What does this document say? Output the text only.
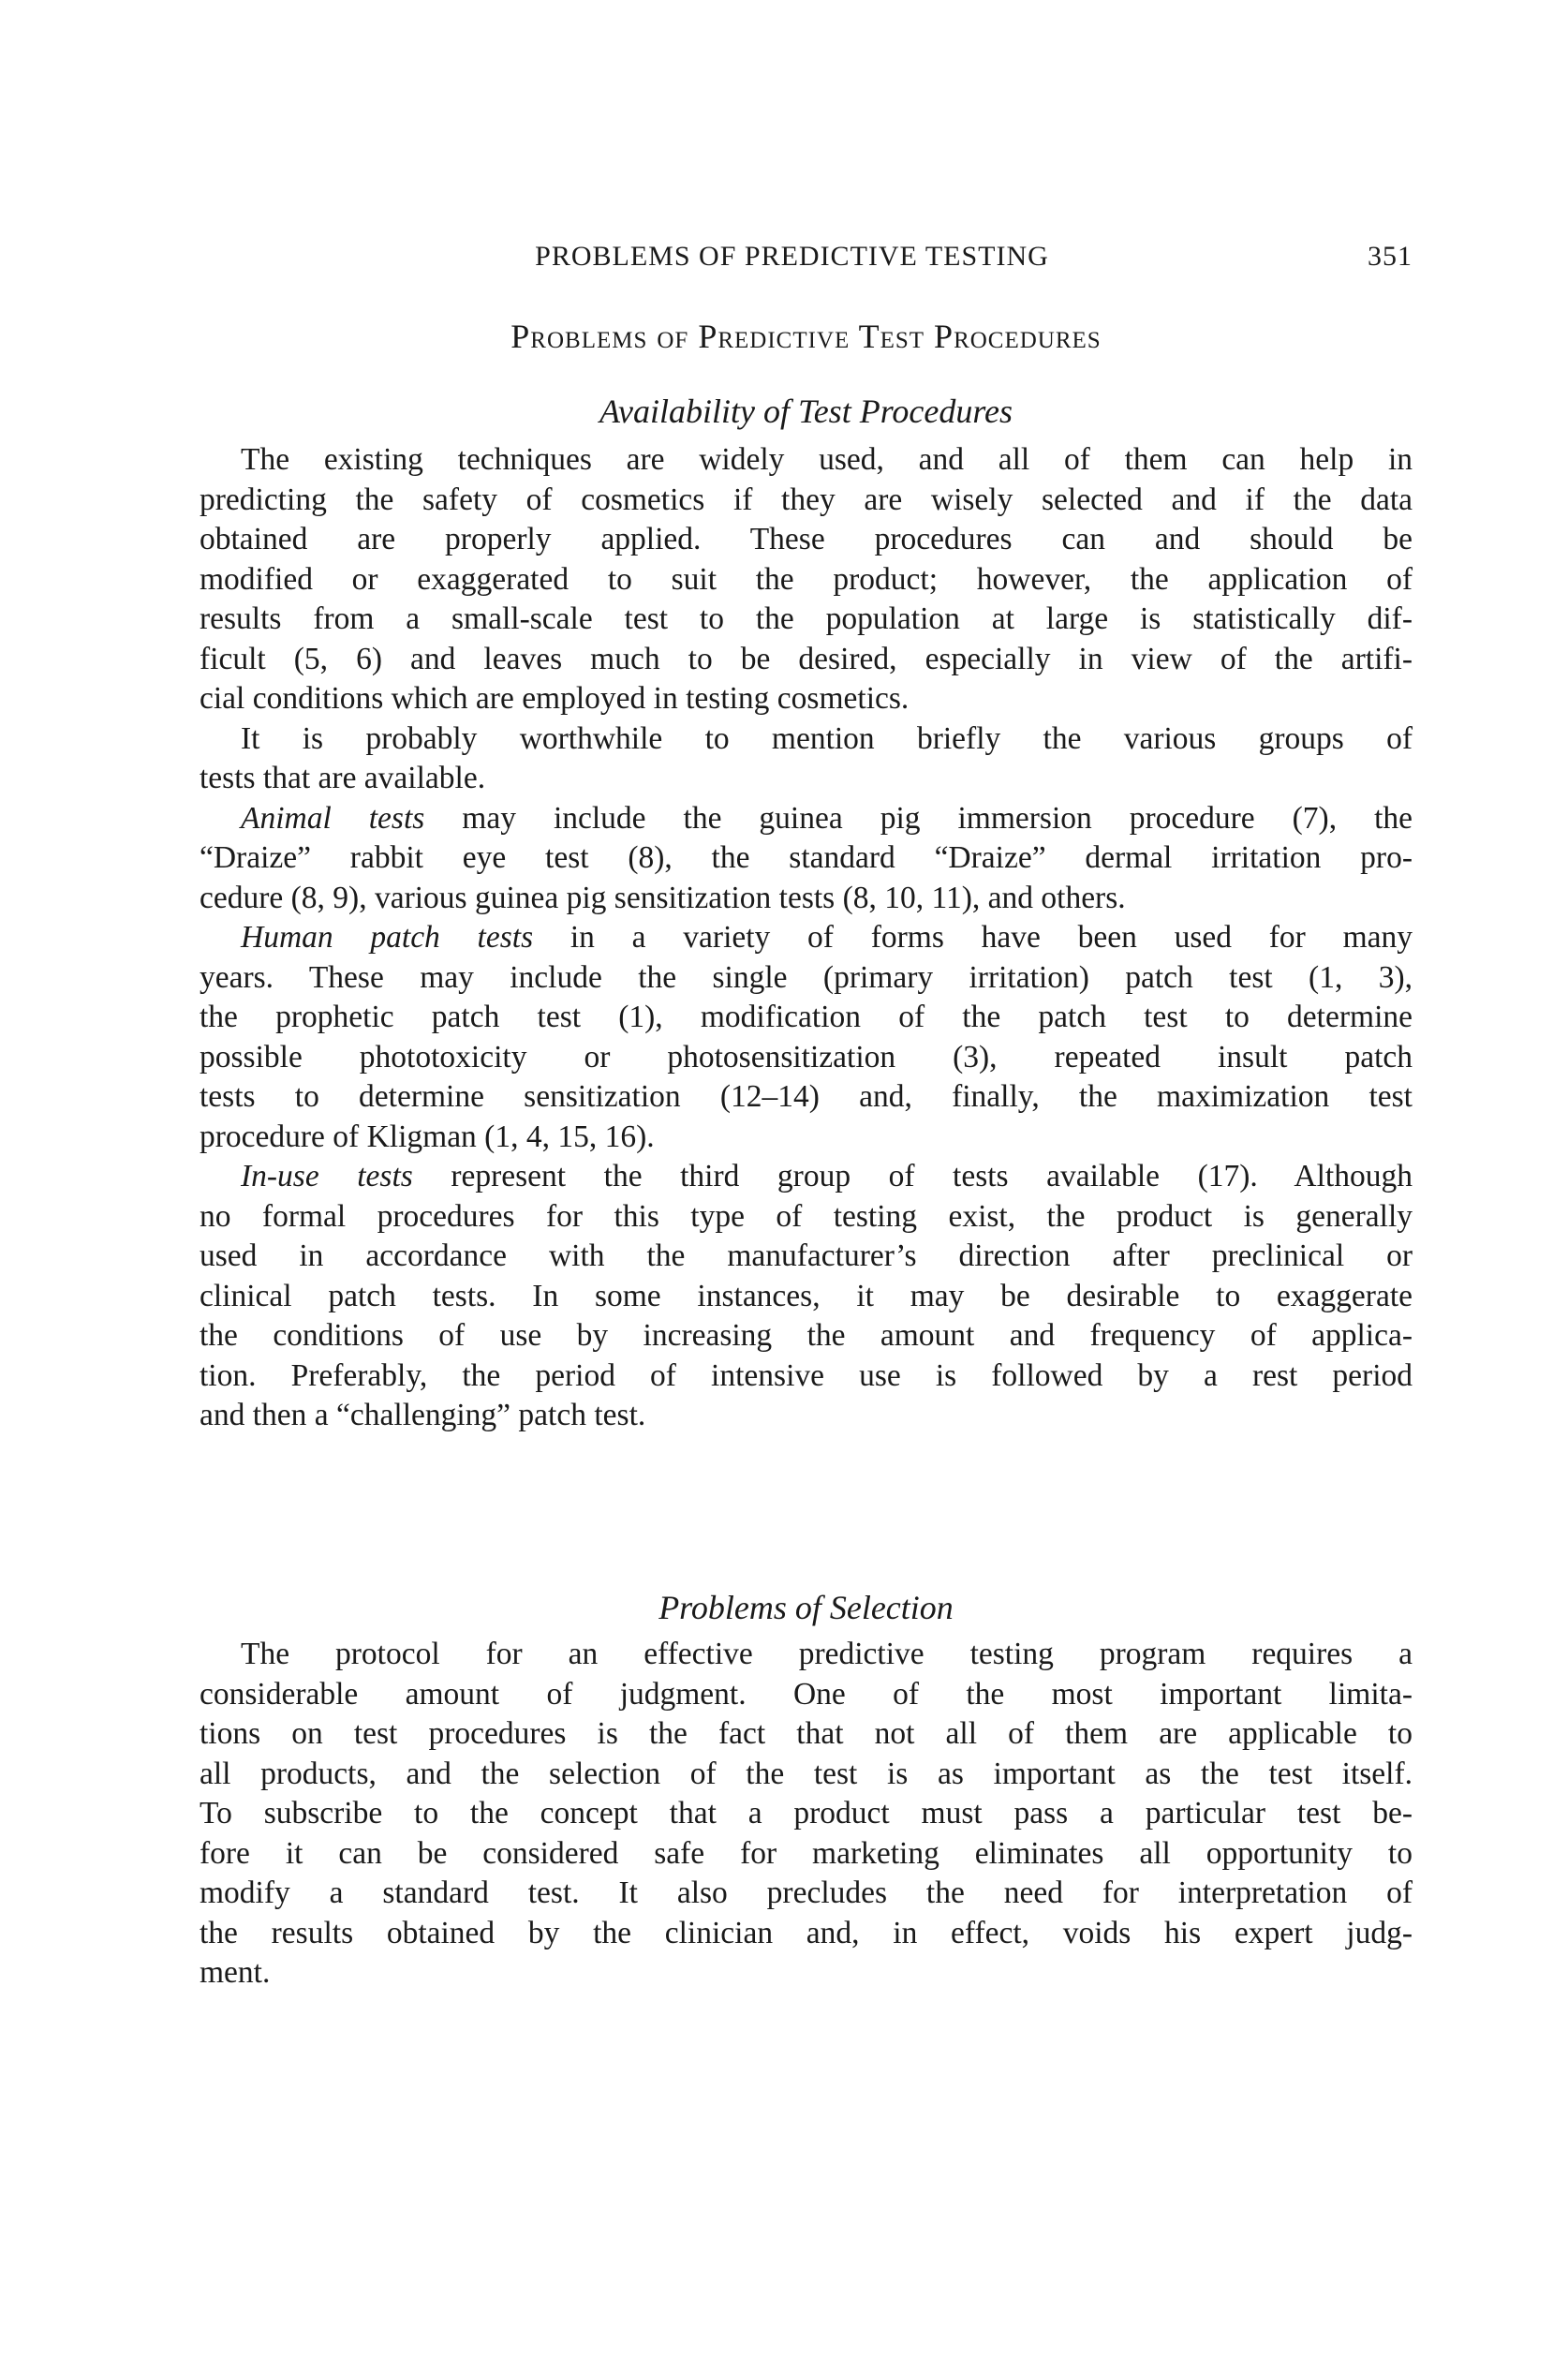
PROBLEMS OF PREDICTIVE TESTING	351
Problems of Predictive Test Procedures
Availability of Test Procedures
The existing techniques are widely used, and all of them can help in
predicting the safety of cosmetics if they are wisely selected and if the data
obtained are properly applied. These procedures can and should be
modified or exaggerated to suit the product; however, the application of
results from a small-scale test to the population at large is statistically dif-
ficult (5, 6) and leaves much to be desired, especially in view of the artifi-
cial conditions which are employed in testing cosmetics.
It is probably worthwhile to mention briefly the various groups of
tests that are available.
Animal tests may include the guinea pig immersion procedure (7), the
“Draize” rabbit eye test (8), the standard “Draize” dermal irritation pro-
cedure (8, 9), various guinea pig sensitization tests (8, 10, 11), and others.
Human patch tests in a variety of forms have been used for many
years. These may include the single (primary irritation) patch test (1, 3),
the prophetic patch test (1), modification of the patch test to determine
possible phototoxicity or photosensitization (3), repeated insult patch
tests to determine sensitization (12–14) and, finally, the maximization test
procedure of Kligman (1, 4, 15, 16).
In-use tests represent the third group of tests available (17). Although
no formal procedures for this type of testing exist, the product is generally
used in accordance with the manufacturer’s direction after preclinical or
clinical patch tests. In some instances, it may be desirable to exaggerate
the conditions of use by increasing the amount and frequency of applica-
tion. Preferably, the period of intensive use is followed by a rest period
and then a “challenging” patch test.
Problems of Selection
The protocol for an effective predictive testing program requires a
considerable amount of judgment. One of the most important limita-
tions on test procedures is the fact that not all of them are applicable to
all products, and the selection of the test is as important as the test itself.
To subscribe to the concept that a product must pass a particular test be-
fore it can be considered safe for marketing eliminates all opportunity to
modify a standard test. It also precludes the need for interpretation of
the results obtained by the clinician and, in effect, voids his expert judg-
ment.
